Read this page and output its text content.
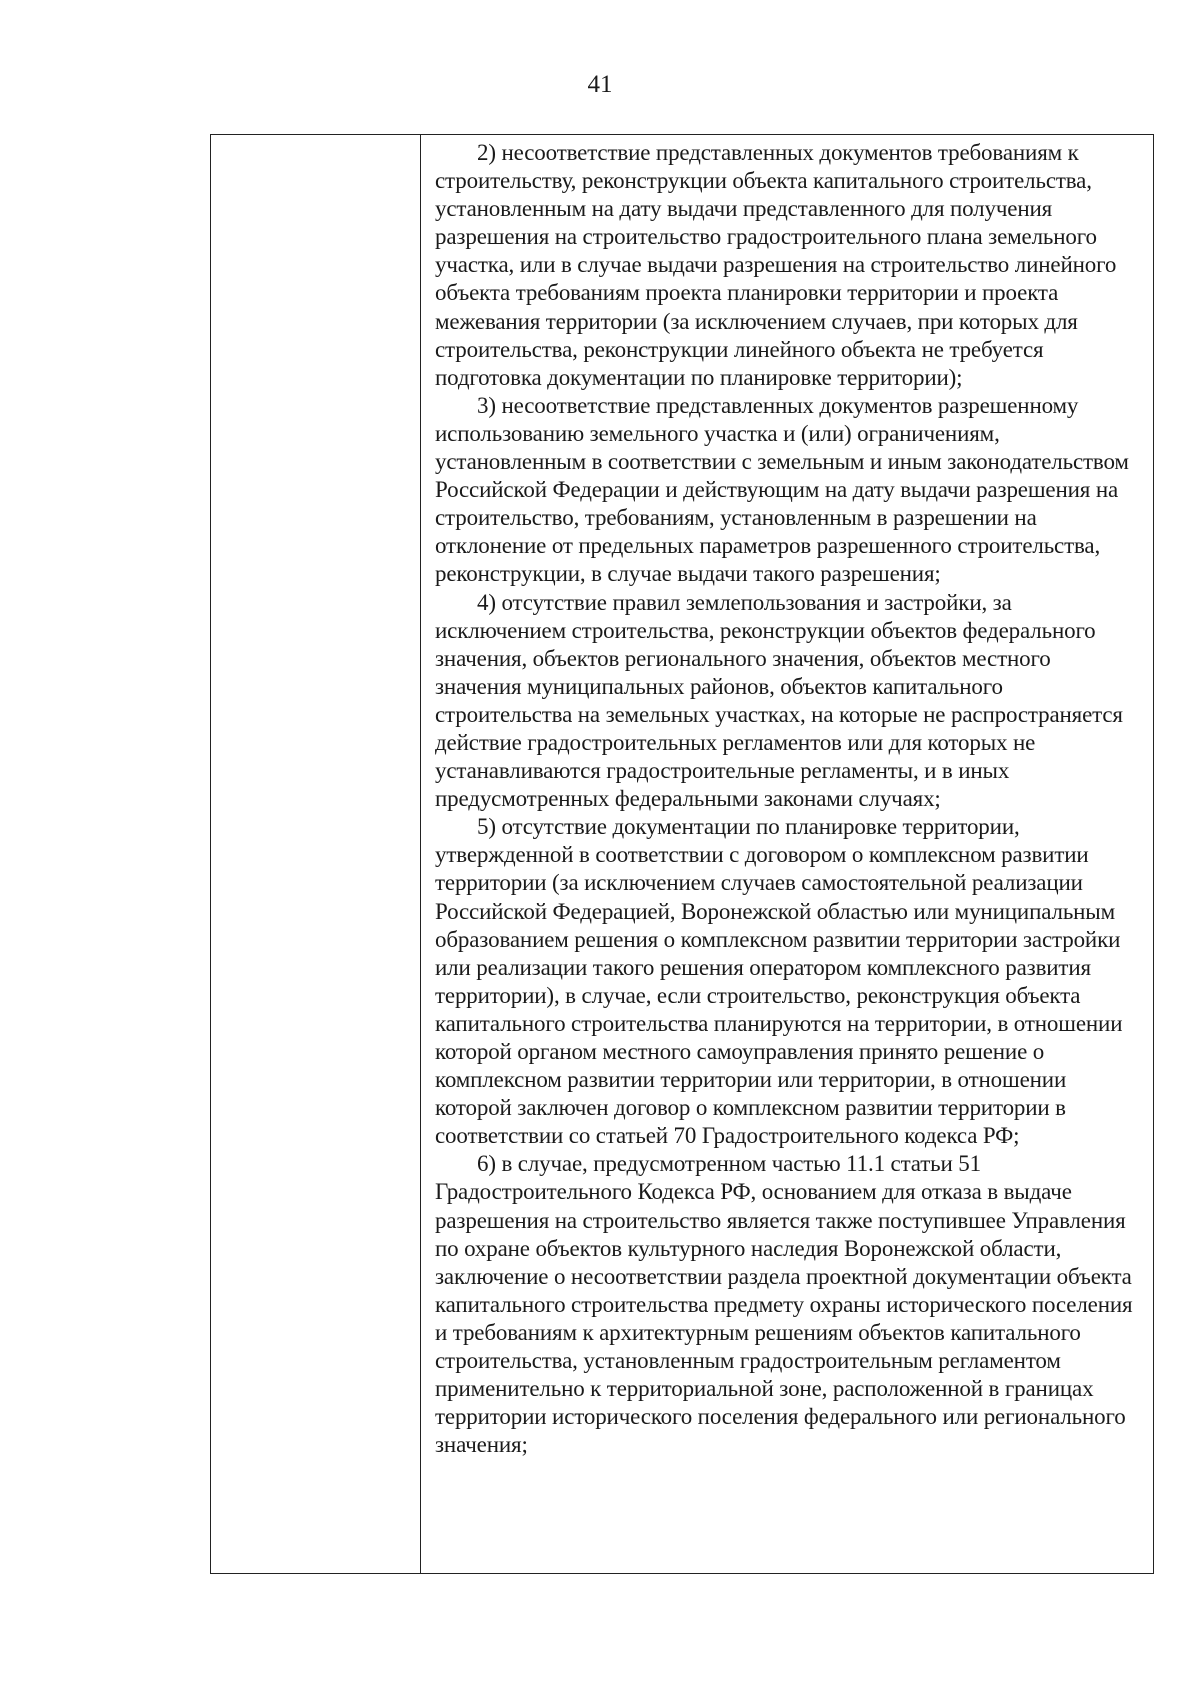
41

2) несоответствие представленных документов требованиям к строительству, реконструкции объекта капитального строительства, установленным на дату выдачи представленного для получения разрешения на строительство градостроительного плана земельного участка, или в случае выдачи разрешения на строительство линейного объекта требованиям проекта планировки территории и проекта межевания территории (за исключением случаев, при которых для строительства, реконструкции линейного объекта не требуется подготовка документации по планировке территории);

3) несоответствие представленных документов разрешенному использованию земельного участка и (или) ограничениям, установленным в соответствии с земельным и иным законодательством Российской Федерации и действующим на дату выдачи разрешения на строительство, требованиям, установленным в разрешении на отклонение от предельных параметров разрешенного строительства, реконструкции, в случае выдачи такого разрешения;

4) отсутствие правил землепользования и застройки, за исключением строительства, реконструкции объектов федерального значения, объектов регионального значения, объектов местного значения муниципальных районов, объектов капитального строительства на земельных участках, на которые не распространяется действие градостроительных регламентов или для которых не устанавливаются градостроительные регламенты, и в иных предусмотренных федеральными законами случаях;

5) отсутствие документации по планировке территории, утвержденной в соответствии с договором о комплексном развитии территории (за исключением случаев самостоятельной реализации Российской Федерацией, Воронежской областью или муниципальным образованием решения о комплексном развитии территории застройки или реализации такого решения оператором комплексного развития территории), в случае, если строительство, реконструкция объекта капитального строительства планируются на территории, в отношении которой органом местного самоуправления принято решение о комплексном развитии территории или территории, в отношении которой заключен договор о комплексном развитии территории в соответствии со статьей 70 Градостроительного кодекса РФ;

6) в случае, предусмотренном частью 11.1 статьи 51 Градостроительного Кодекса РФ, основанием для отказа в выдаче разрешения на строительство является также поступившее Управления по охране объектов культурного наследия Воронежской области, заключение о несоответствии раздела проектной документации объекта капитального строительства предмету охраны исторического поселения и требованиям к архитектурным решениям объектов капитального строительства, установленным градостроительным регламентом применительно к территориальной зоне, расположенной в границах территории исторического поселения федерального или регионального значения;
